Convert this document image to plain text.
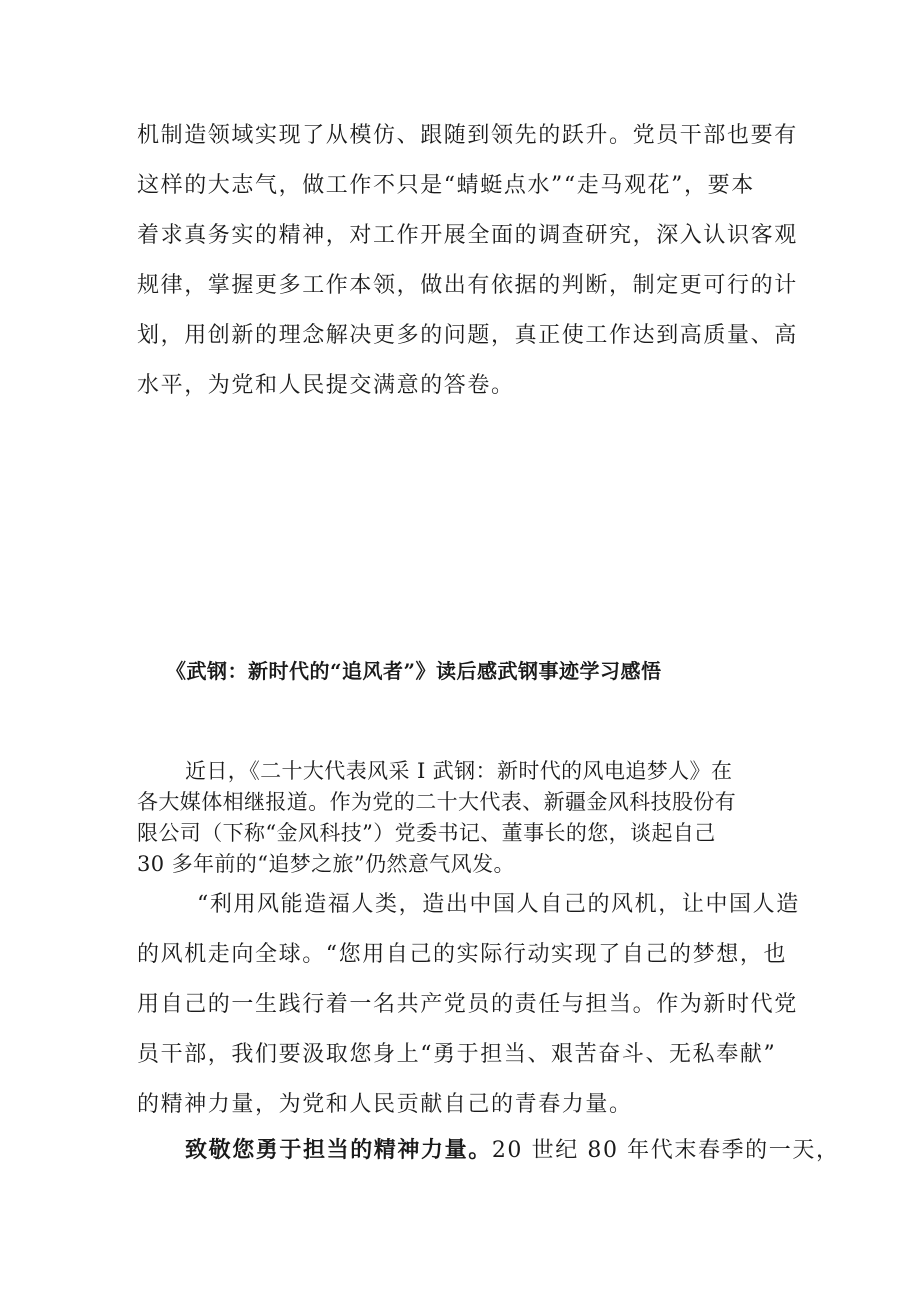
机制造领域实现了从模仿、跟随到领先的跃升。党员干部也要有
这样的大志气，做工作不只是“蜻蜓点水”“走马观花”，要本
着求真务实的精神，对工作开展全面的调查研究，深入认识客观
规律，掌握更多工作本领，做出有依据的判断，制定更可行的计
划，用创新的理念解决更多的问题，真正使工作达到高质量、高
水平，为党和人民提交满意的答卷。
《武钢：新时代的“追风者”》读后感武钢事迹学习感悟
近日，《二十大代表风采 I 武钢：新时代的风电追梦人》在
各大媒体相继报道。作为党的二十大代表、新疆金风科技股份有
限公司（下称“金风科技”）党委书记、董事长的您，谈起自己
30 多年前的“追梦之旅”仍然意气风发。
“利用风能造福人类，造出中国人自己的风机，让中国人造
的风机走向全球。“您用自己的实际行动实现了自己的梦想，也
用自己的一生践行着一名共产党员的责任与担当。作为新时代党
员干部，我们要汲取您身上“勇于担当、艰苦奋斗、无私奉献”
的精神力量，为党和人民贡献自己的青春力量。
致敬您勇于担当的精神力量。20 世纪 80 年代末春季的一天，
